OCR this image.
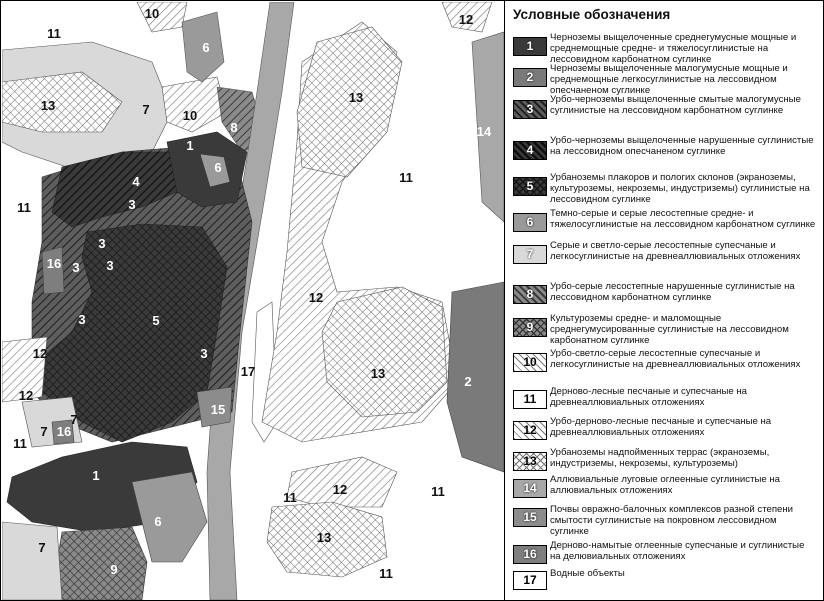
10	12
11
6
13	7	10
8
13
14
1
6
4
3
11
11
3
3
16 3
3	5
12
12	3
17	13
2
12
15
7
7 16
11
14
1
11
12
11
13
6
7
9	11
Условные обозначения
1
Черноземы выщелоченные среднегумусные мощные и среднемощные средне- и тяжелосуглинистые на лессовидном карбонатном суглинке
2
Черноземы выщелоченные малогумусные мощные и среднемощные легкосуглинистые на лессовидном опесчаненом суглинке
3
Урбо-черноземы выщелоченные смытые малогумусные суглинистые на лессовидном карбонатном суглинке
4
Урбо-черноземы выщелоченные нарушенные суглинистые на лессовидном опесчаненом суглинке
5
Урбаноземы плакоров и пологих склонов (экраноземы, культуроземы, некроземы, индустриземы) суглинистые на лессовидном суглинке
6
Темно-серые и серые лесостепные средне- и тяжелосуглинистые на лессовидном карбонатном суглинке
7
Серые и светло-серые лесостепные супесчаные и легкосуглинистые на древнеаллювиальных отложениях
8
Урбо-серые лесостепные нарушенные суглинистые на лессовидном карбонатном суглинке
9
Культуроземы средне- и маломощные среднегумусированные суглинистые на лессовидном карбонатном суглинке
10
Урбо-светло-серые лесостепные супесчаные и легкосуглинистые на древнеаллювиальных отложениях
11
Дерново-лесные песчаные и супесчаные на древнеаллювиальных отложениях
12
Урбо-дерново-лесные песчаные и супесчаные на древнеаллювиальных отложениях
13
Урбаноземы надпойменных террас (экраноземы, индустриземы, некроземы, культуроземы)
14
Аллювиальные луговые оглеенные суглинистые на аллювиальных отложениях
15
Почвы овражно-балочных комплексов разной степени смытости суглинистые на покровном лессовидном суглинке
16
Дерново-намытые оглеенные супесчаные и суглинистые на делювиальных отложениях
17	Водные объекты
